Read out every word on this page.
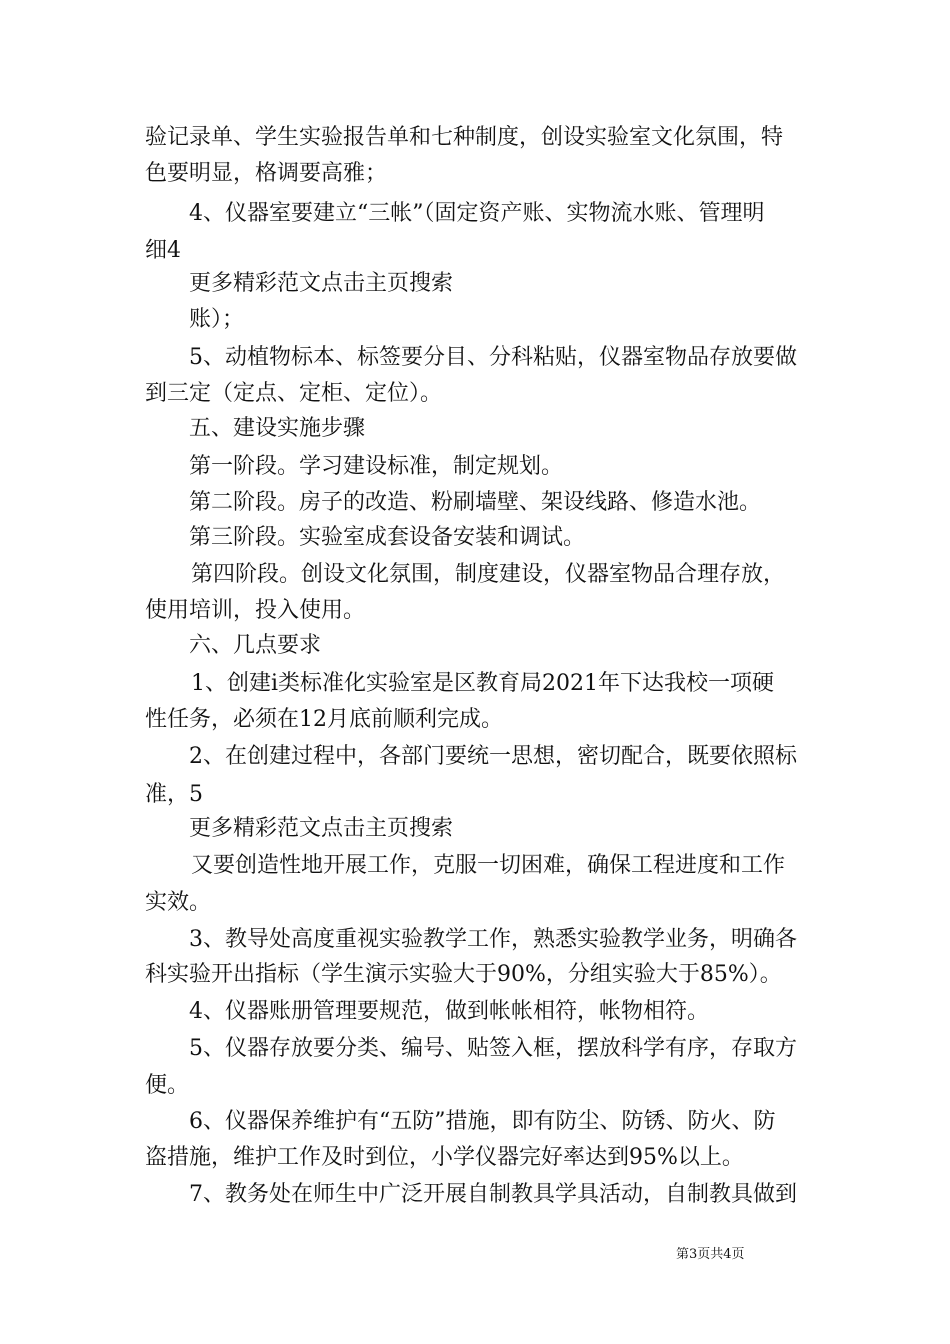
验记录单、学生实验报告单和七种制度，创设实验室文化氛围，特
色要明显，格调要高雅；
4、仪器室要建立“三帐”（固定资产账、实物流水账、管理明
细4
更多精彩范文点击主页搜索
账）；
5、动植物标本、标签要分目、分科粘贴，仪器室物品存放要做
到三定（定点、定柜、定位）。
五、建设实施步骤
第一阶段。学习建设标准，制定规划。
第二阶段。房子的改造、粉刷墙壁、架设线路、修造水池。
第三阶段。实验室成套设备安装和调试。
第四阶段。创设文化氛围，制度建设，仪器室物品合理存放，
使用培训，投入使用。
六、几点要求
1、创建ⅰ类标准化实验室是区教育局2021年下达我校一项硬
性任务，必须在12月底前顺利完成。
2、在创建过程中，各部门要统一思想，密切配合，既要依照标
准，5
更多精彩范文点击主页搜索
又要创造性地开展工作，克服一切困难，确保工程进度和工作
实效。
3、教导处高度重视实验教学工作，熟悉实验教学业务，明确各
科实验开出指标（学生演示实验大于90%，分组实验大于85%）。
4、仪器账册管理要规范，做到帐帐相符，帐物相符。
5、仪器存放要分类、编号、贴签入框，摆放科学有序，存取方
便。
6、仪器保养维护有“五防”措施，即有防尘、防锈、防火、防
盗措施，维护工作及时到位，小学仪器完好率达到95%以上。
7、教务处在师生中广泛开展自制教具学具活动，自制教具做到
第3页共4页
